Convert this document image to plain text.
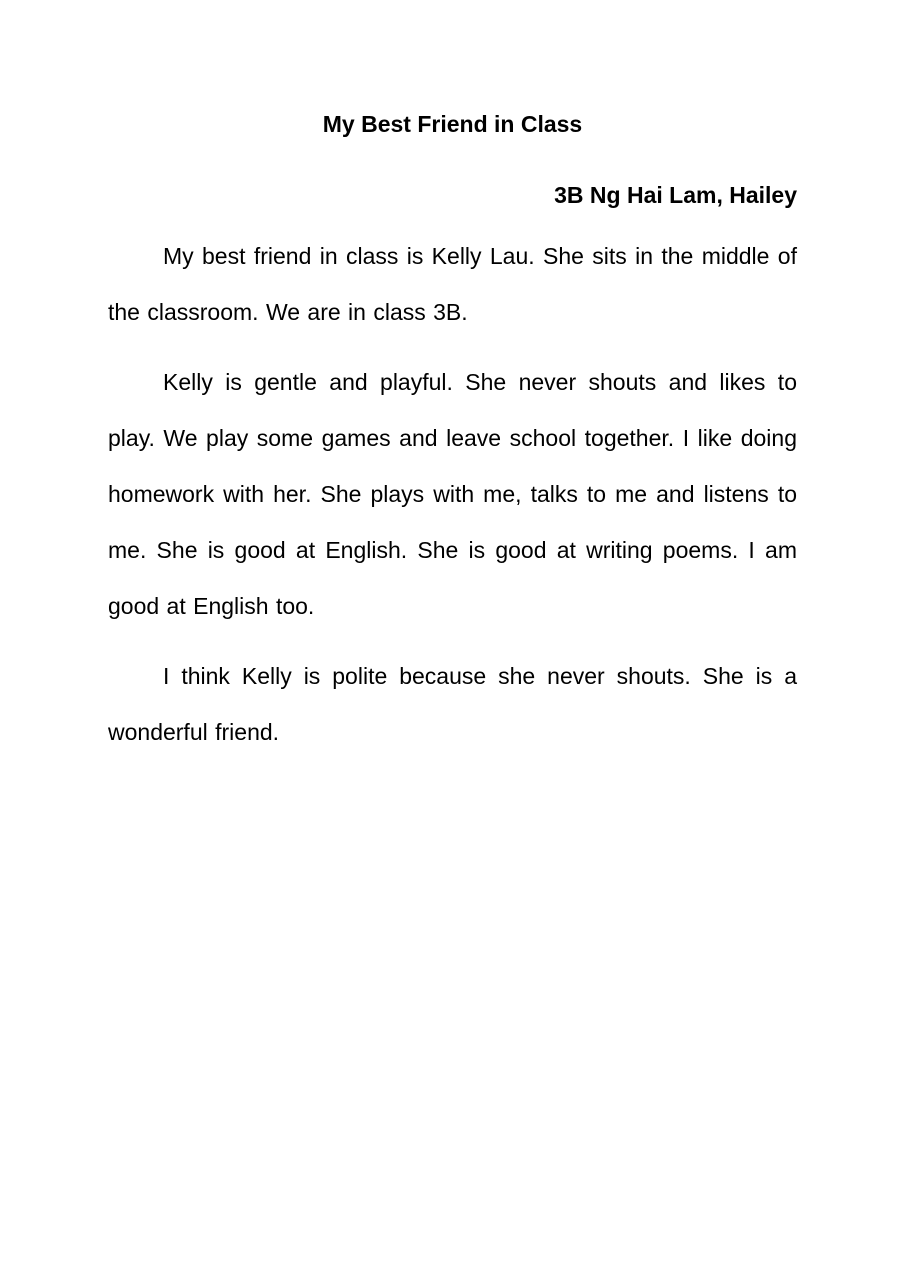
My Best Friend in Class
3B Ng Hai Lam, Hailey

My best friend in class is Kelly Lau. She sits in the middle of the classroom. We are in class 3B.

Kelly is gentle and playful. She never shouts and likes to play. We play some games and leave school together. I like doing homework with her. She plays with me, talks to me and listens to me. She is good at English. She is good at writing poems. I am good at English too.

I think Kelly is polite because she never shouts. She is a wonderful friend.
